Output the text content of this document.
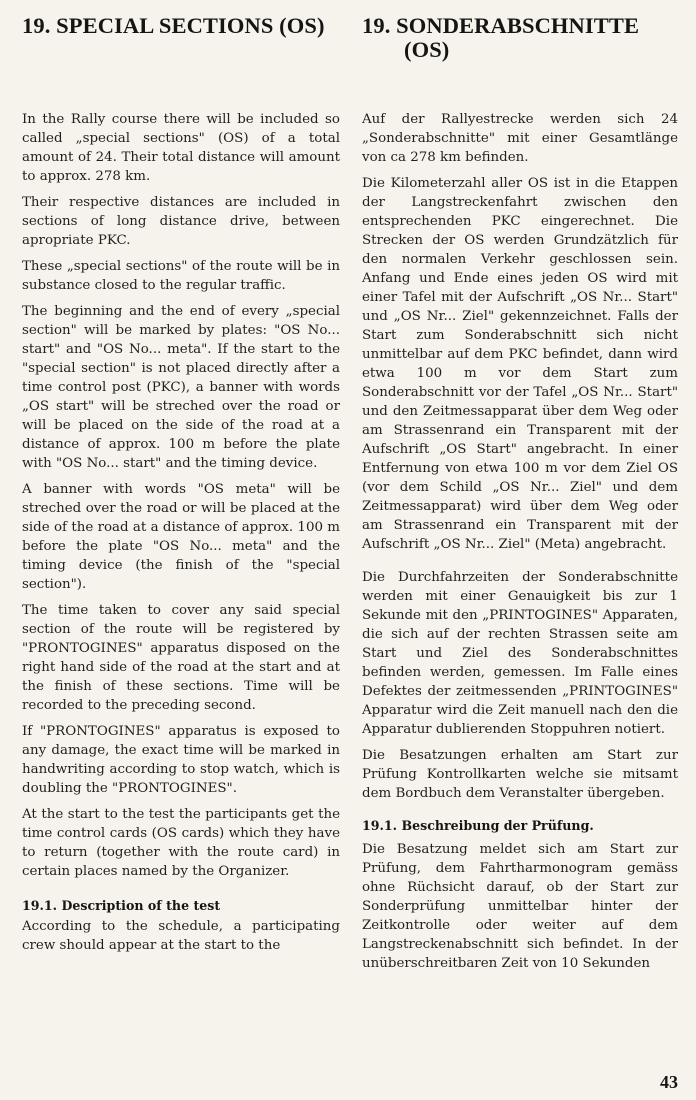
19. SPECIAL SECTIONS (OS)

In the Rally course there will be included so called „special sections" (OS) of a total amount of 24. Their total distance will amount to approx. 278 km.

Their respective distances are included in sections of long distance drive, between apropriate PKC.

These „special sections" of the route will be in substance closed to the regular traffic.

The beginning and the end of every „special section" will be marked by plates: "OS No... start" and "OS No... meta". If the start to the "special section" is not placed directly after a time control post (PKC), a banner with words „OS start" will be streched over the road or will be placed on the side of the road at a distance of approx. 100 m before the plate with "OS No... start" and the timing device.

A banner with words "OS meta" will be streched over the road or will be placed at the side of the road at a distance of approx. 100 m before the plate "OS No... meta" and the timing device (the finish of the "special section").

The time taken to cover any said special section of the route will be registered by "PRONTOGINES" apparatus disposed on the right hand side of the road at the start and at the finish of these sections. Time will be recorded to the preceding second.

If "PRONTOGINES" apparatus is exposed to any damage, the exact time will be marked in handwriting according to stop watch, which is doubling the "PRONTOGINES".

At the start to the test the participants get the time control cards (OS cards) which they have to return (together with the route card) in certain places named by the Organizer.

19.1. Description of the test

According to the schedule, a participating crew should appear at the start to the

19. SONDERABSCHNITTE
(OS)

Auf der Rallyestrecke werden sich 24 „Sonderabschnitte" mit einer Gesamtlänge von ca 278 km befinden.

Die Kilometerzahl aller OS ist in die Etappen der Langstreckenfahrt zwischen den entsprechenden PKC eingerechnet. Die Strecken der OS werden Grundzätzlich für den normalen Verkehr geschlossen sein. Anfang und Ende eines jeden OS wird mit einer Tafel mit der Aufschrift „OS Nr... Start" und „OS Nr... Ziel" gekennzeichnet. Falls der Start zum Sonderabschnitt sich nicht unmittelbar auf dem PKC befindet, dann wird etwa 100 m vor dem Start zum Sonderabschnitt vor der Tafel „OS Nr... Start" und den Zeitmessapparat über dem Weg oder am Strassenrand ein Transparent mit der Aufschrift „OS Start" angebracht. In einer Entfernung von etwa 100 m vor dem Ziel OS (vor dem Schild „OS Nr... Ziel" und dem Zeitmessapparat) wird über dem Weg oder am Strassenrand ein Transparent mit der Aufschrift „OS Nr... Ziel" (Meta) angebracht.

Die Durchfahrzeiten der Sonderabschnitte werden mit einer Genauigkeit bis zur 1 Sekunde mit den „PRINTOGINES" Apparaten, die sich auf der rechten Strassen seite am Start und Ziel des Sonderabschnittes befinden werden, gemessen. Im Falle eines Defektes der zeitmessenden „PRINTOGINES" Apparatur wird die Zeit manuell nach den die Apparatur dublierenden Stoppuhren notiert.

Die Besatzungen erhalten am Start zur Prüfung Kontrollkarten welche sie mitsamt dem Bordbuch dem Veranstalter übergeben.

19.1. Beschreibung der Prüfung.

Die Besatzung meldet sich am Start zur Prüfung, dem Fahrtharmonogram gemäss ohne Rüchsicht darauf, ob der Start zur Sonderprüfung unmittelbar hinter der Zeitkontrolle oder weiter auf dem Langstreckenabschnitt sich befindet. In der unüberschreitbaren Zeit von 10 Sekunden

43
